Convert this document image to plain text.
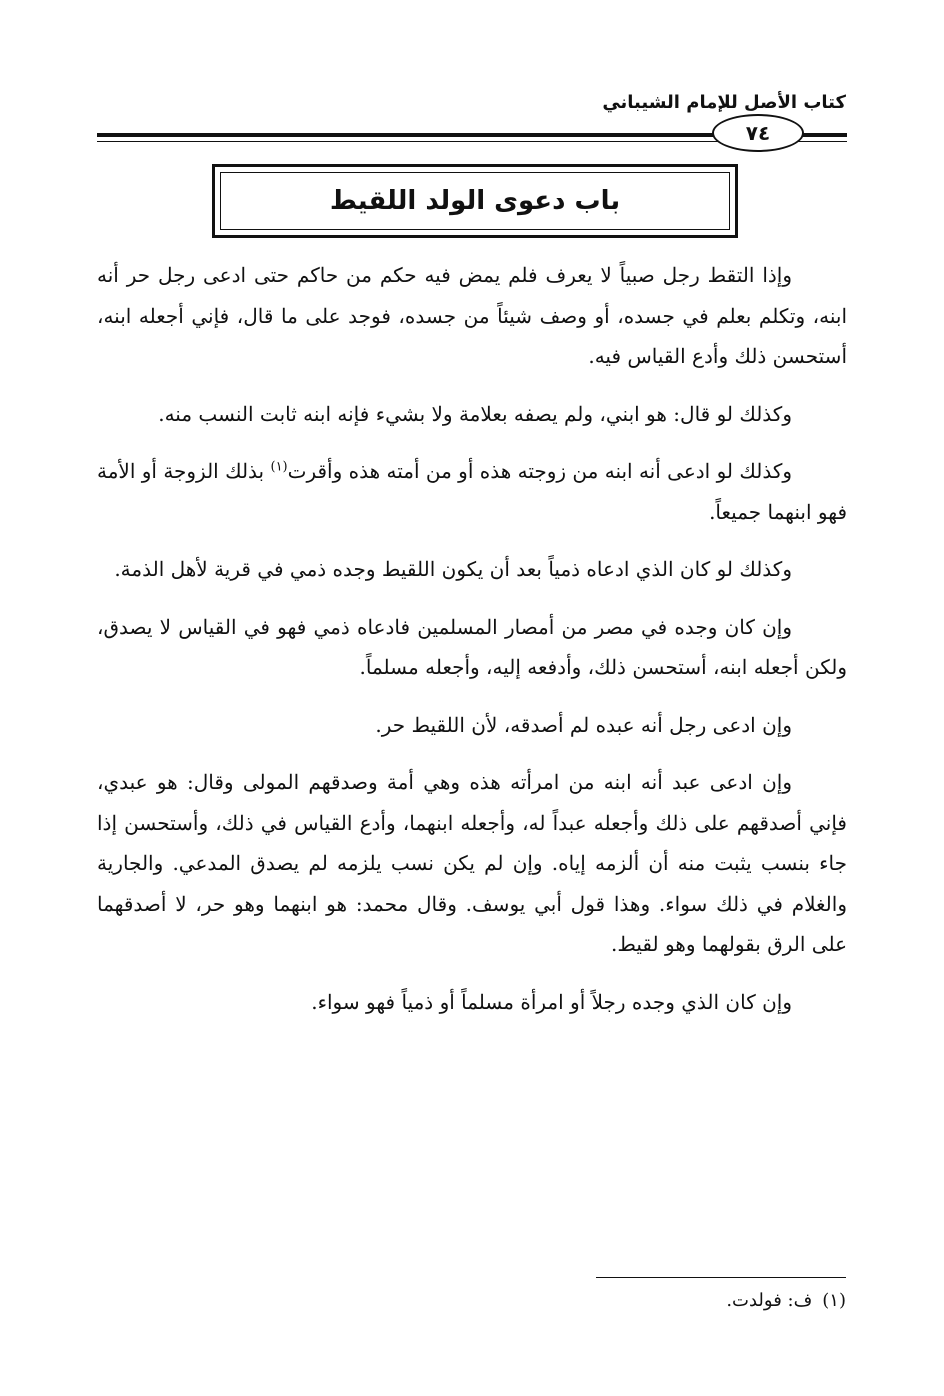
كتاب الأصل للإمام الشيباني
٧٤
باب دعوى الولد اللقيط

وإذا التقط رجل صبياً لا يعرف فلم يمض فيه حكم من حاكم حتى ادعى رجل حر أنه ابنه، وتكلم بعلم في جسده، أو وصف شيئاً من جسده، فوجد على ما قال، فإني أجعله ابنه، أستحسن ذلك وأدع القياس فيه.

وكذلك لو قال: هو ابني، ولم يصفه بعلامة ولا بشيء فإنه ابنه ثابت النسب منه.

وكذلك لو ادعى أنه ابنه من زوجته هذه أو من أمته هذه وأقرت$^{(١)}$ بذلك الزوجة أو الأمة فهو ابنهما جميعاً.

وكذلك لو كان الذي ادعاه ذمياً بعد أن يكون اللقيط وجده ذمي في قرية لأهل الذمة.

وإن كان وجده في مصر من أمصار المسلمين فادعاه ذمي فهو في القياس لا يصدق، ولكن أجعله ابنه، أستحسن ذلك، وأدفعه إليه، وأجعله مسلماً.

وإن ادعى رجل أنه عبده لم أصدقه، لأن اللقيط حر.

وإن ادعى عبد أنه ابنه من امرأته هذه وهي أمة وصدقهم المولى وقال: هو عبدي، فإني أصدقهم على ذلك وأجعله عبداً له، وأجعله ابنهما، وأدع القياس في ذلك، وأستحسن إذا جاء بنسب يثبت منه أن ألزمه إياه. وإن لم يكن نسب يلزمه لم يصدق المدعي. والجارية والغلام في ذلك سواء. وهذا قول أبي يوسف. وقال محمد: هو ابنهما وهو حر، لا أصدقهما على الرق بقولهما وهو لقيط.

وإن كان الذي وجده رجلاً أو امرأة مسلماً أو ذمياً فهو سواء.

(١)ف: فولدت.
